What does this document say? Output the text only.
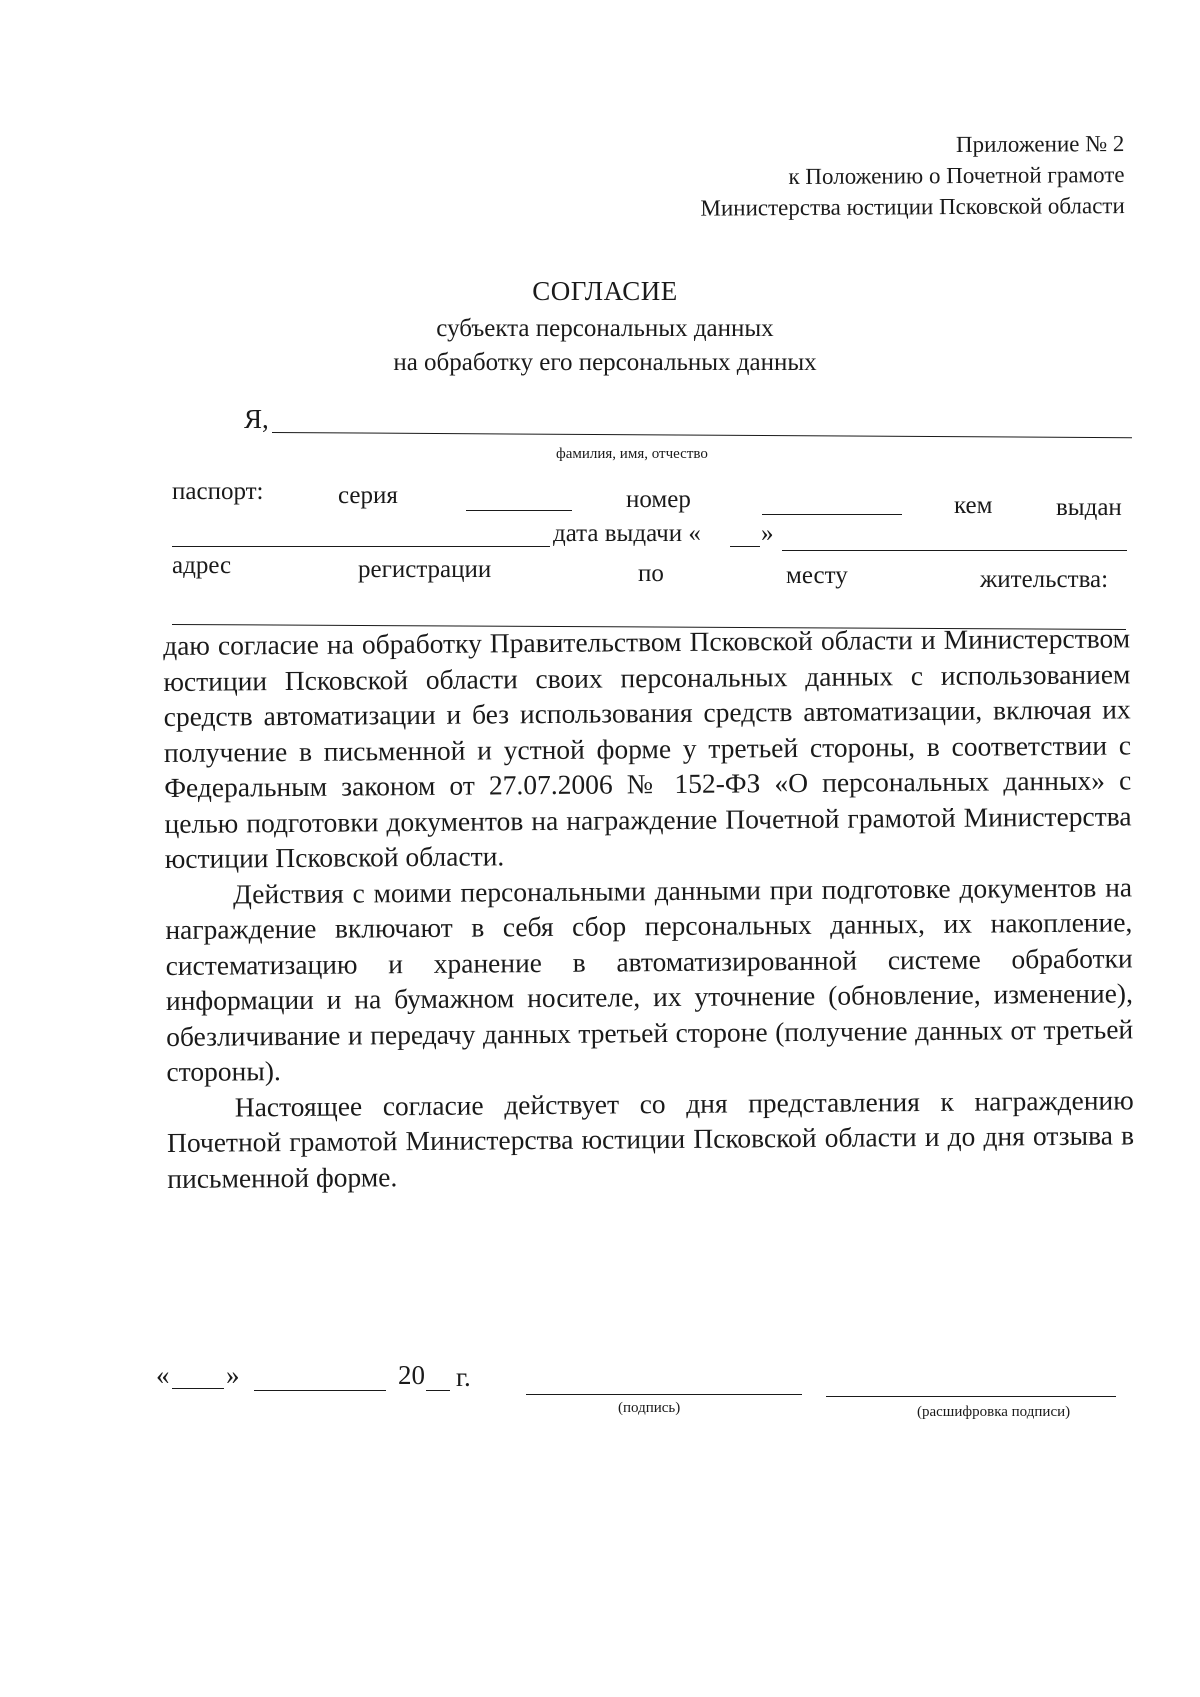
Приложение № 2
к Положению о Почетной грамоте
Министерства юстиции Псковской области
СОГЛАСИЕ
субъекта персональных данных
на обработку его персональных данных
Я,
фамилия, имя, отчество
паспорт:	серия	номер	кем	выдан
дата выдачи « »
адрес	регистрации	по	месту	жительства:

даю согласие на обработку Правительством Псковской области и Министерством юстиции Псковской области своих персональных данных с использованием средств автоматизации и без использования средств автоматизации, включая их получение в письменной и устной форме у третьей стороны, в соответствии с Федеральным законом от 27.07.2006 № 152-ФЗ «О персональных данных» с целью подготовки документов на награждение Почетной грамотой Министерства юстиции Псковской области.

Действия с моими персональными данными при подготовке документов на награждение включают в себя сбор персональных данных, их накопление, систематизацию и хранение в автоматизированной системе обработки информации и на бумажном носителе, их уточнение (обновление, изменение), обезличивание и передачу данных третьей стороне (получение данных от третьей стороны).

Настоящее согласие действует со дня представления к награждению Почетной грамотой Министерства юстиции Псковской области и до дня отзыва в письменной форме.

« »	20 г.
(подпись)	(расшифровка подписи)
